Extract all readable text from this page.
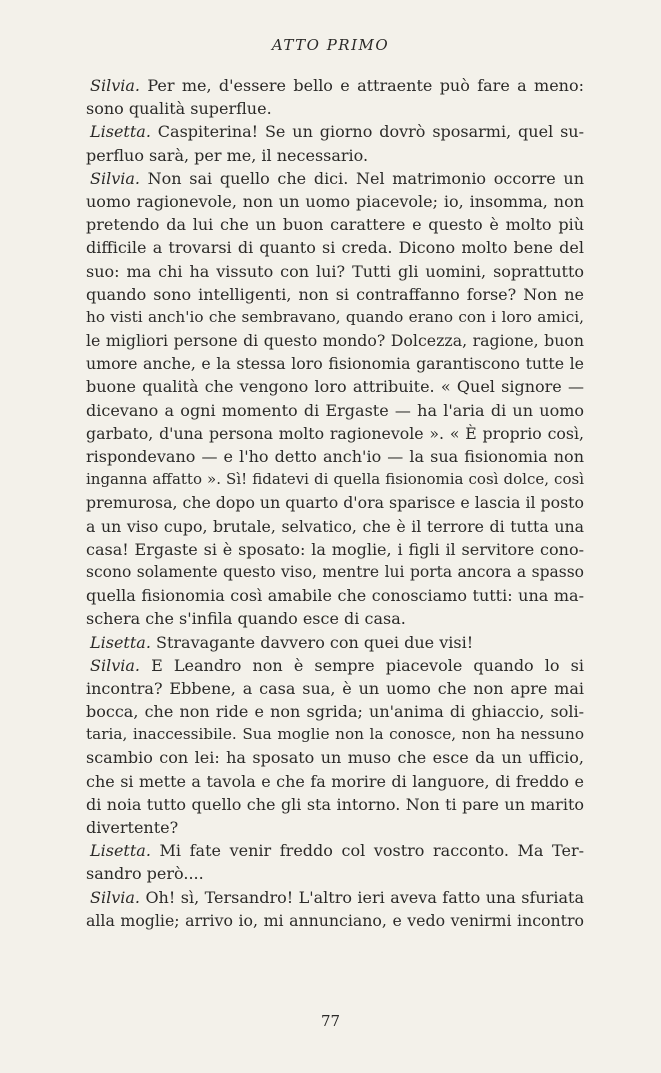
ATTO PRIMO
Silvia. Per me, d'essere bello e attraente può fare a meno:
sono qualità superflue.
Lisetta. Caspiterina! Se un giorno dovrò sposarmi, quel su-
perfluo sarà, per me, il necessario.
Silvia. Non sai quello che dici. Nel matrimonio occorre un
uomo ragionevole, non un uomo piacevole; io, insomma, non
pretendo da lui che un buon carattere e questo è molto più
difficile a trovarsi di quanto si creda. Dicono molto bene del
suo: ma chi ha vissuto con lui? Tutti gli uomini, soprattutto
quando sono intelligenti, non si contraffanno forse? Non ne
ho visti anch'io che sembravano, quando erano con i loro amici,
le migliori persone di questo mondo? Dolcezza, ragione, buon
umore anche, e la stessa loro fisionomia garantiscono tutte le
buone qualità che vengono loro attribuite. « Quel signore —
dicevano a ogni momento di Ergaste — ha l'aria di un uomo
garbato, d'una persona molto ragionevole ». « È proprio così,
rispondevano — e l'ho detto anch'io — la sua fisionomia non
inganna affatto ». Sì! fidatevi di quella fisionomia così dolce, così
premurosa, che dopo un quarto d'ora sparisce e lascia il posto
a un viso cupo, brutale, selvatico, che è il terrore di tutta una
casa! Ergaste si è sposato: la moglie, i figli il servitore cono-
scono solamente questo viso, mentre lui porta ancora a spasso
quella fisionomia così amabile che conosciamo tutti: una ma-
schera che s'infila quando esce di casa.
Lisetta. Stravagante davvero con quei due visi!
Silvia. E Leandro non è sempre piacevole quando lo si
incontra? Ebbene, a casa sua, è un uomo che non apre mai
bocca, che non ride e non sgrida; un'anima di ghiaccio, soli-
taria, inaccessibile. Sua moglie non la conosce, non ha nessuno
scambio con lei: ha sposato un muso che esce da un ufficio,
che si mette a tavola e che fa morire di languore, di freddo e
di noia tutto quello che gli sta intorno. Non ti pare un marito
divertente?
Lisetta. Mi fate venir freddo col vostro racconto. Ma Ter-
sandro però....
Silvia. Oh! sì, Tersandro! L'altro ieri aveva fatto una sfuriata
alla moglie; arrivo io, mi annunciano, e vedo venirmi incontro
77
